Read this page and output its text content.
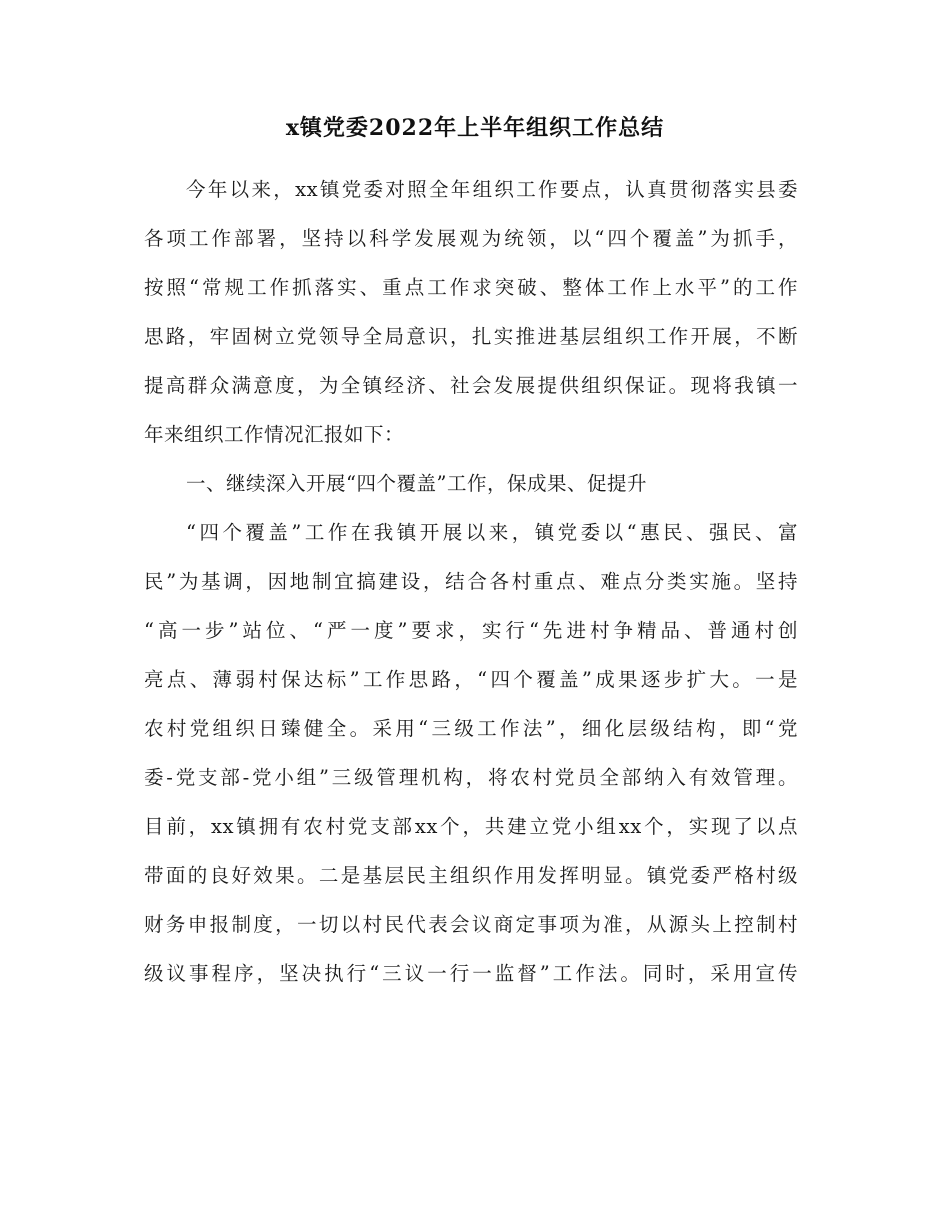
x镇党委2022年上半年组织工作总结
今年以来，xx镇党委对照全年组织工作要点，认真贯彻落实县委
各项工作部署，坚持以科学发展观为统领，以“四个覆盖”为抓手，
按照“常规工作抓落实、重点工作求突破、整体工作上水平”的工作
思路，牢固树立党领导全局意识，扎实推进基层组织工作开展，不断
提高群众满意度，为全镇经济、社会发展提供组织保证。现将我镇一
年来组织工作情况汇报如下：
一、继续深入开展“四个覆盖”工作，保成果、促提升
“四个覆盖”工作在我镇开展以来，镇党委以“惠民、强民、富
民”为基调，因地制宜搞建设，结合各村重点、难点分类实施。坚持
“高一步”站位、“严一度”要求，实行“先进村争精品、普通村创
亮点、薄弱村保达标”工作思路，“四个覆盖”成果逐步扩大。一是
农村党组织日臻健全。采用“三级工作法”，细化层级结构，即“党
委-党支部-党小组”三级管理机构，将农村党员全部纳入有效管理。
目前，xx镇拥有农村党支部xx个，共建立党小组xx个，实现了以点
带面的良好效果。二是基层民主组织作用发挥明显。镇党委严格村级
财务申报制度，一切以村民代表会议商定事项为准，从源头上控制村
级议事程序，坚决执行“三议一行一监督”工作法。同时，采用宣传
